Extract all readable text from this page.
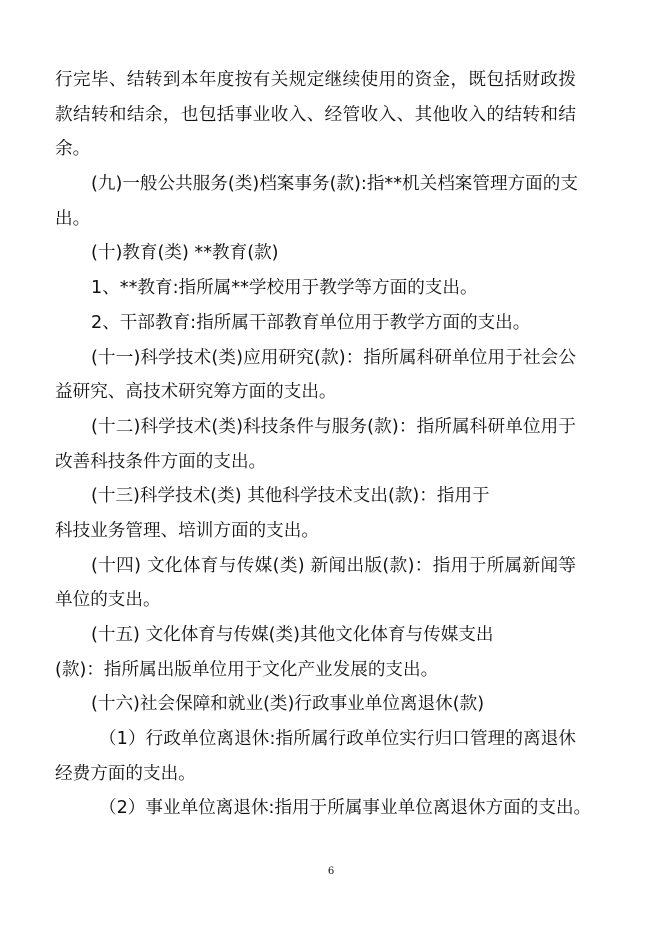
行完毕、结转到本年度按有关规定继续使用的资金，既包括财政拨
款结转和结余，也包括事业收入、经管收入、其他收入的结转和结
余。
(九)一般公共服务(类)档案事务(款):指**机关档案管理方面的支
出。
(十)教育(类) **教育(款)
1、**教育:指所属**学校用于教学等方面的支出。
2、干部教育:指所属干部教育单位用于教学方面的支出。
(十一)科学技术(类)应用研究(款)：指所属科研单位用于社会公
益研究、高技术研究筹方面的支出。
(十二)科学技术(类)科技条件与服务(款)：指所属科研单位用于
改善科技条件方面的支出。
(十三)科学技术(类) 其他科学技术支出(款)：指用于
科技业务管理、培训方面的支出。
(十四) 文化体育与传媒(类) 新闻出版(款)：指用于所属新闻等
单位的支出。
(十五) 文化体育与传媒(类)其他文化体育与传媒支出
(款)：指所属出版单位用于文化产业发展的支出。
(十六)社会保障和就业(类)行政事业单位离退休(款)
（1）行政单位离退休:指所属行政单位实行归口管理的离退休
经费方面的支出。
（2）事业单位离退休:指用于所属事业单位离退休方面的支出。
6
